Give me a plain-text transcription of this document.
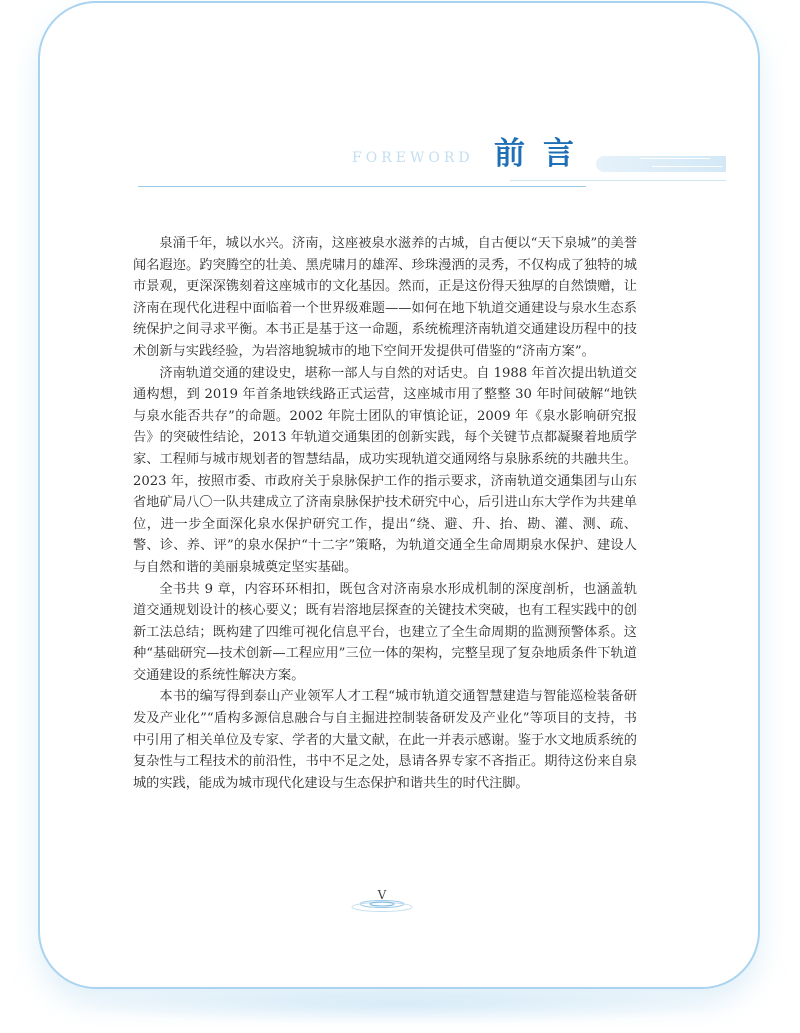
FOREWORD 前言

泉涌千年，城以水兴。济南，这座被泉水滋养的古城，自古便以“天下泉城”的美誉闻名遐迩。趵突腾空的壮美、黑虎啸月的雄浑、珍珠漫洒的灵秀，不仅构成了独特的城市景观，更深深镌刻着这座城市的文化基因。然而，正是这份得天独厚的自然馈赠，让济南在现代化进程中面临着一个世界级难题——如何在地下轨道交通建设与泉水生态系统保护之间寻求平衡。本书正是基于这一命题，系统梳理济南轨道交通建设历程中的技术创新与实践经验，为岩溶地貌城市的地下空间开发提供可借鉴的“济南方案”。

济南轨道交通的建设史，堪称一部人与自然的对话史。自 1988 年首次提出轨道交通构想，到 2019 年首条地铁线路正式运营，这座城市用了整整 30 年时间破解“地铁与泉水能否共存”的命题。2002 年院士团队的审慎论证，2009 年《泉水影响研究报告》的突破性结论，2013 年轨道交通集团的创新实践，每个关键节点都凝聚着地质学家、工程师与城市规划者的智慧结晶，成功实现轨道交通网络与泉脉系统的共融共生。2023 年，按照市委、市政府关于泉脉保护工作的指示要求，济南轨道交通集团与山东省地矿局八〇一队共建成立了济南泉脉保护技术研究中心，后引进山东大学作为共建单位，进一步全面深化泉水保护研究工作，提出“绕、避、升、抬、勘、灌、测、疏、警、诊、养、评”的泉水保护“十二字”策略，为轨道交通全生命周期泉水保护、建设人与自然和谐的美丽泉城奠定坚实基础。

全书共 9 章，内容环环相扣，既包含对济南泉水形成机制的深度剖析，也涵盖轨道交通规划设计的核心要义；既有岩溶地层探查的关键技术突破，也有工程实践中的创新工法总结；既构建了四维可视化信息平台，也建立了全生命周期的监测预警体系。这种“基础研究—技术创新—工程应用”三位一体的架构，完整呈现了复杂地质条件下轨道交通建设的系统性解决方案。

本书的编写得到泰山产业领军人才工程“城市轨道交通智慧建造与智能巡检装备研发及产业化”“盾构多源信息融合与自主掘进控制装备研发及产业化”等项目的支持，书中引用了相关单位及专家、学者的大量文献，在此一并表示感谢。鉴于水文地质系统的复杂性与工程技术的前沿性，书中不足之处，恳请各界专家不吝指正。期待这份来自泉城的实践，能成为城市现代化建设与生态保护和谐共生的时代注脚。

V
